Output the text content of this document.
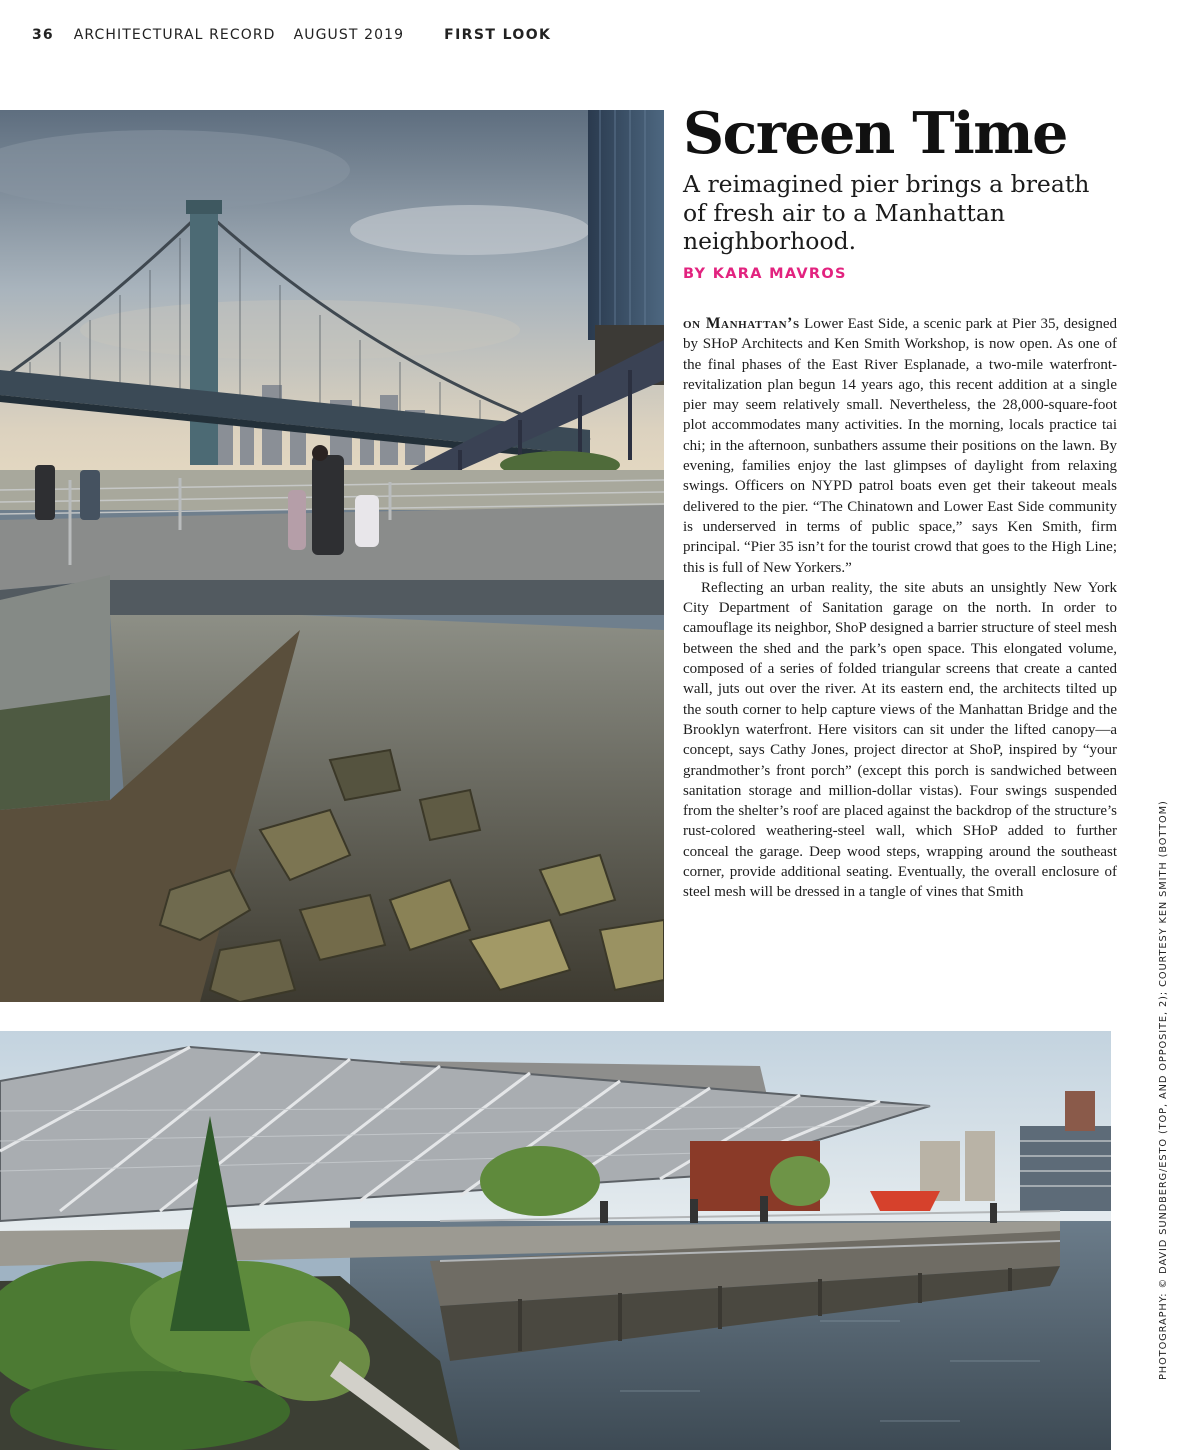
36 ARCHITECTURAL RECORD AUGUST 2019	FIRST LOOK
Screen Time

A reimagined pier brings a breath of fresh air to a Manhattan neighborhood.

BY KARA MAVROS

on Manhattan’s Lower East Side, a scenic park at Pier 35, designed by SHoP Architects and Ken Smith Workshop, is now open. As one of the final phases of the East River Esplanade, a two-mile waterfront-revitalization plan begun 14 years ago, this recent addition at a single pier may seem relatively small. Nevertheless, the 28,000-square-foot plot accommodates many activities. In the morning, locals practice tai chi; in the afternoon, sunbathers assume their positions on the lawn. By evening, families enjoy the last glimpses of daylight from relaxing swings. Officers on NYPD patrol boats even get their takeout meals delivered to the pier. “The Chinatown and Lower East Side community is underserved in terms of public space,” says Ken Smith, firm principal. “Pier 35 isn’t for the tourist crowd that goes to the High Line; this is full of New Yorkers.”

Reflecting an urban reality, the site abuts an unsightly New York City Department of Sanitation garage on the north. In order to camouflage its neighbor, ShoP designed a barrier structure of steel mesh between the shed and the park’s open space. This elongated volume, composed of a series of folded triangular screens that create a canted wall, juts out over the river. At its eastern end, the architects tilted up the south corner to help capture views of the Manhattan Bridge and the Brooklyn waterfront. Here visitors can sit under the lifted canopy—a concept, says Cathy Jones, project director at ShoP, inspired by “your grandmother’s front porch” (except this porch is sandwiched between sanitation storage and million-dollar vistas). Four swings suspended from the shelter’s roof are placed against the backdrop of the structure’s rust-colored weathering-steel wall, which SHoP added to further conceal the garage. Deep wood steps, wrapping around the southeast corner, provide additional seating. Eventually, the overall enclosure of steel mesh will be dressed in a tangle of vines that Smith	PHOTOGRAPHY: © DAVID SUNDBERG/ESTO (TOP, AND OPPOSITE, 2); COURTESY KEN SMITH (BOTTOM)
